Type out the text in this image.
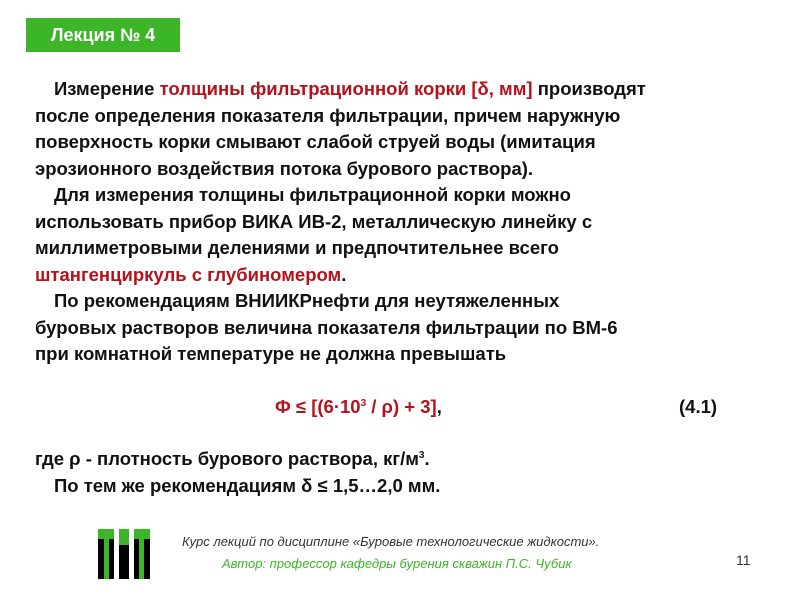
Лекция № 4
Измерение толщины фильтрационной корки [δ, мм] производят
после определения показателя фильтрации, причем наружную
поверхность корки смывают слабой струей воды (имитация
эрозионного воздействия потока бурового раствора).
Для измерения толщины фильтрационной корки можно
использовать прибор ВИКА ИВ-2, металлическую линейку с
миллиметровыми делениями и предпочтительнее всего
штангенциркуль с глубиномером.
По рекомендациям ВНИИКРнефти для неутяжеленных
буровых растворов величина показателя фильтрации по ВМ-6
при комнатной температуре не должна превышать
$Ф \le [(6\cdot 10^3 / \rho) + 3]$,	(4.1)
где ρ - плотность бурового раствора, $кг/м^3$.
По тем же рекомендациям δ ≤ 1,5…2,0 мм.
Курс лекций по дисциплине «Буровые технологические жидкости».
Автор: профессор кафедры бурения скважин П.С. Чубик	11
